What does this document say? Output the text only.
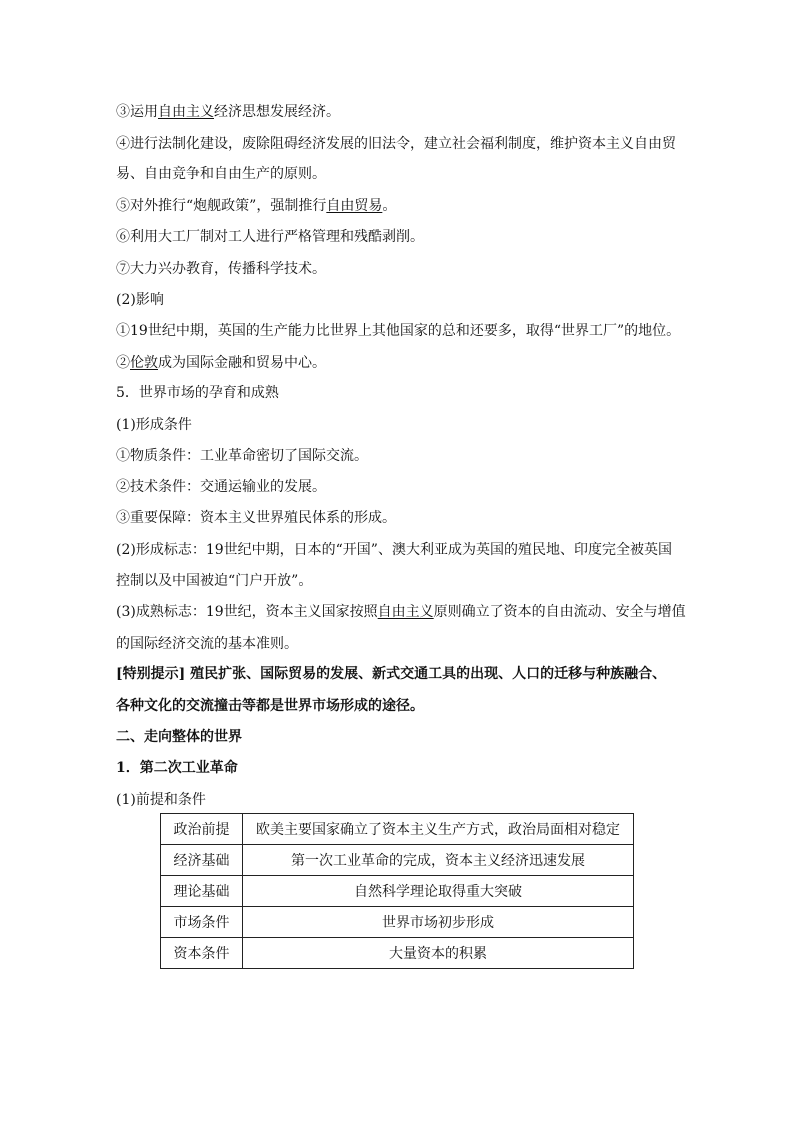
③运用自由主义经济思想发展经济。
④进行法制化建设，废除阻碍经济发展的旧法令，建立社会福利制度，维护资本主义自由贸
易、自由竞争和自由生产的原则。
⑤对外推行“炮舰政策”，强制推行自由贸易。
⑥利用大工厂制对工人进行严格管理和残酷剥削。
⑦大力兴办教育，传播科学技术。
(2)影响
①19世纪中期，英国的生产能力比世界上其他国家的总和还要多，取得“世界工厂”的地位。
②伦敦成为国际金融和贸易中心。
5．世界市场的孕育和成熟
(1)形成条件
①物质条件：工业革命密切了国际交流。
②技术条件：交通运输业的发展。
③重要保障：资本主义世界殖民体系的形成。
(2)形成标志：19世纪中期，日本的“开国”、澳大利亚成为英国的殖民地、印度完全被英国
控制以及中国被迫“门户开放”。
(3)成熟标志：19世纪，资本主义国家按照自由主义原则确立了资本的自由流动、安全与增值
的国际经济交流的基本准则。
[特别提示] 殖民扩张、国际贸易的发展、新式交通工具的出现、人口的迁移与种族融合、
各种文化的交流撞击等都是世界市场形成的途径。
二、走向整体的世界
1．第二次工业革命
(1)前提和条件
政治前提	欧美主要国家确立了资本主义生产方式，政治局面相对稳定
经济基础	第一次工业革命的完成，资本主义经济迅速发展
理论基础	自然科学理论取得重大突破
市场条件	世界市场初步形成
资本条件	大量资本的积累
